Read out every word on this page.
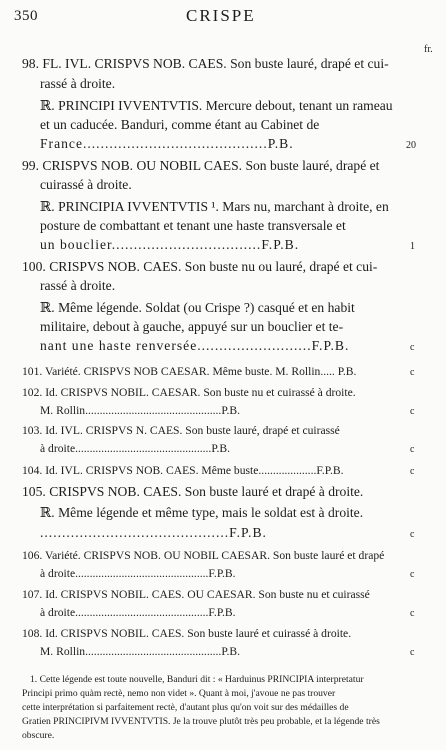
350	CRISPE
fr.
98. FL. IVL. CRISPVS NOB. CAES. Son buste lauré, drapé et cui-
rassé à droite.
ℝ. PRINCIPI IVVENTVTIS. Mercure debout, tenant un rameau
et un caducée. Banduri, comme étant au Cabinet de
France..........................................P.B.	20
99. CRISPVS NOB. OU NOBIL CAES. Son buste lauré, drapé et
cuirassé à droite.
ℝ. PRINCIPIA IVVENTVTIS ¹. Mars nu, marchant à droite, en
posture de combattant et tenant une haste transversale et
un bouclier..................................F.P.B.	1
100. CRISPVS NOB. CAES. Son buste nu ou lauré, drapé et cui-
rassé à droite.
ℝ. Même légende. Soldat (ou Crispe ?) casqué et en habit
militaire, debout à gauche, appuyé sur un bouclier et te-
nant une haste renversée..........................F.P.B.	c
101. Variété. CRISPVS NOB CAESAR. Même buste. M. Rollin..... P.B.	c
102. Id. CRISPVS NOBIL. CAESAR. Son buste nu et cuirassé à droite.
M. Rollin...............................................P.B.	c
103. Id. IVL. CRISPVS N. CAES. Son buste lauré, drapé et cuirassé
à droite...............................................P.B.	c
104. Id. IVL. CRISPVS NOB. CAES. Même buste....................F.P.B.	c
105. CRISPVS NOB. CAES. Son buste lauré et drapé à droite.
ℝ. Même légende et même type, mais le soldat est à droite.
...........................................F.P.B.	c
106. Variété. CRISPVS NOB. OU NOBIL CAESAR. Son buste lauré et drapé
à droite..............................................F.P.B.	c
107. Id. CRISPVS NOBIL. CAES. OU CAESAR. Son buste nu et cuirassé
à droite..............................................F.P.B.	c
108. Id. CRISPVS NOBIL. CAES. Son buste lauré et cuirassé à droite.
M. Rollin...............................................P.B.	c
1. Cette légende est toute nouvelle, Banduri dit : « Harduinus PRINCIPIA interpretatur
Principi primo quàm rectè, nemo non videt ». Quant à moi, j'avoue ne pas trouver
cette interprétation si parfaitement rectè, d'autant plus qu'on voit sur des médailles de
Gratien PRINCIPIVM IVVENTVTIS. Je la trouve plutôt très peu probable, et la légende très
obscure.
